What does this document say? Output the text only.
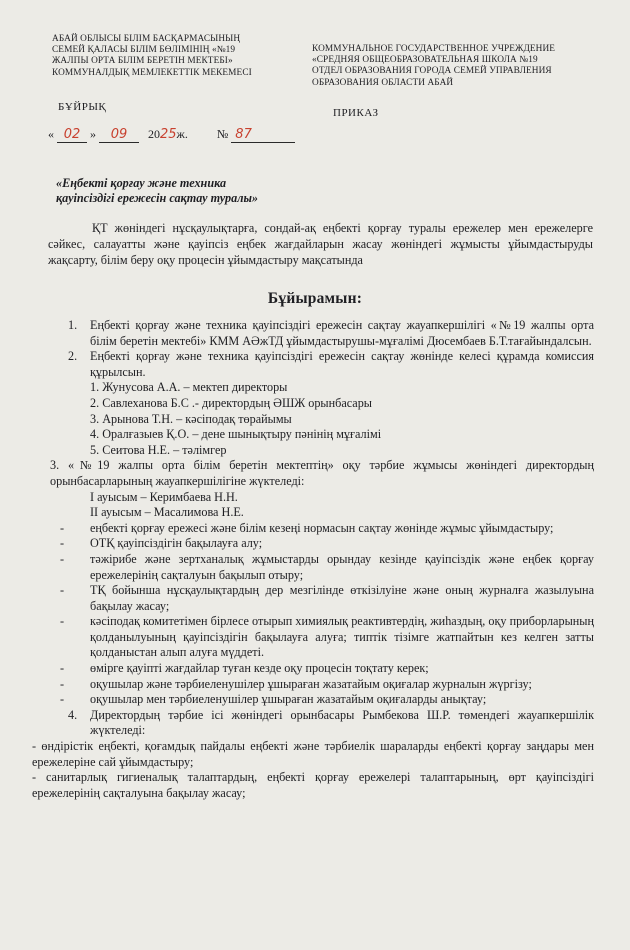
АБАЙ ОБЛЫСЫ БІЛІМ БАСҚАРМАСЫНЫҢ
СЕМЕЙ ҚАЛАСЫ БІЛІМ БӨЛІМІНІҢ «№19
ЖАЛПЫ ОРТА БІЛІМ БЕРЕТІН МЕКТЕБІ»
КОММУНАЛДЫҚ МЕМЛЕКЕТТІК МЕКЕМЕСІ
КОММУНАЛЬНОЕ ГОСУДАРСТВЕННОЕ УЧРЕЖДЕНИЕ
«СРЕДНЯЯ ОБЩЕОБРАЗОВАТЕЛЬНАЯ ШКОЛА №19
ОТДЕЛ ОБРАЗОВАНИЯ ГОРОДА СЕМЕЙ УПРАВЛЕНИЯ
ОБРАЗОВАНИЯ ОБЛАСТИ АБАЙ
БҰЙРЫҚ	ПРИКАЗ
« 02 » 09 2025ж. № 87
«Еңбекті қорғау және техника
қауіпсіздігі ережесін сақтау туралы»
ҚТ жөніндегі нұсқаулықтарға, сондай-ақ еңбекті қорғау туралы ережелер мен ережелерге сәйкес, салауатты және қауіпсіз еңбек жағдайларын жасау жөніндегі жұмысты ұйымдастыруды жақсарту, білім беру оқу процесін ұйымдастыру мақсатында
Бұйырамын:
1. Еңбекті қорғау және техника қауіпсіздігі ережесін сақтау жауапкершілігі «№19 жалпы орта білім беретін мектебі» КММ АӘжТД ұйымдастырушы-мұғалімі Дюсембаев Б.Т.тағайындалсын.
2. Еңбекті қорғау және техника қауіпсіздігі ережесін сақтау жөнінде келесі құрамда комиссия құрылсын.
1. Жунусова А.А. – мектеп директоры
2. Савлеханова Б.С .- директордың ӘШЖ орынбасары
3. Арынова Т.Н. – кәсіподақ төрайымы
4. Оралғазыев Қ.О. – дене шынықтыру пәнінің мұғалімі
5. Сеитова Н.Е. – тәлімгер
3. «№19 жалпы орта білім беретін мектептің» оқу тәрбие жұмысы жөніндегі директордың орынбасарларының жауапкершілігіне жүктеледі:
I ауысым – Керимбаева Н.Н.
II ауысым – Масалимова Н.Е.
- еңбекті қорғау ережесі және білім кезеңі нормасын сақтау жөнінде жұмыс ұйымдастыру;
- ОТҚ қауіпсіздігін бақылауға алу;
- тәжірибе және зертханалық жұмыстарды орындау кезінде қауіпсіздік және еңбек қорғау ережелерінің сақталуын бақылып отыру;
- ТҚ бойынша нұсқаулықтардың дер мезгілінде өткізілуіне және оның журналға жазылуына бақылау жасау;
- кәсіподақ комитетімен бірлесе отырып химиялық реактивтердің, жиһаздың, оқу приборларының қолданылуының қауіпсіздігін бақылауға алуға; типтік тізімге жатпайтын кез келген затты қолданыстан алып алуға мүддеті.
- өмірге қауіпті жағдайлар туған кезде оқу процесін тоқтату керек;
- оқушылар және тәрбиеленушілер ұшыраған жазатайым оқиғалар журналын жүргізу;
- оқушылар мен тәрбиеленушілер ұшыраған жазатайым оқиғаларды анықтау;
4. Директордың тәрбие ісі жөніндегі орынбасары Рымбекова Ш.Р. төмендегі жауапкершілік жүктеледі:
- өндірістік еңбекті, қоғамдық пайдалы еңбекті және тәрбиелік шараларды еңбекті қорғау заңдары мен ережелеріне сай ұйымдастыру;
- санитарлық гигиеналық талаптардың, еңбекті қорғау ережелері талаптарының, өрт қауіпсіздігі ережелерінің сақталуына бақылау жасау;
